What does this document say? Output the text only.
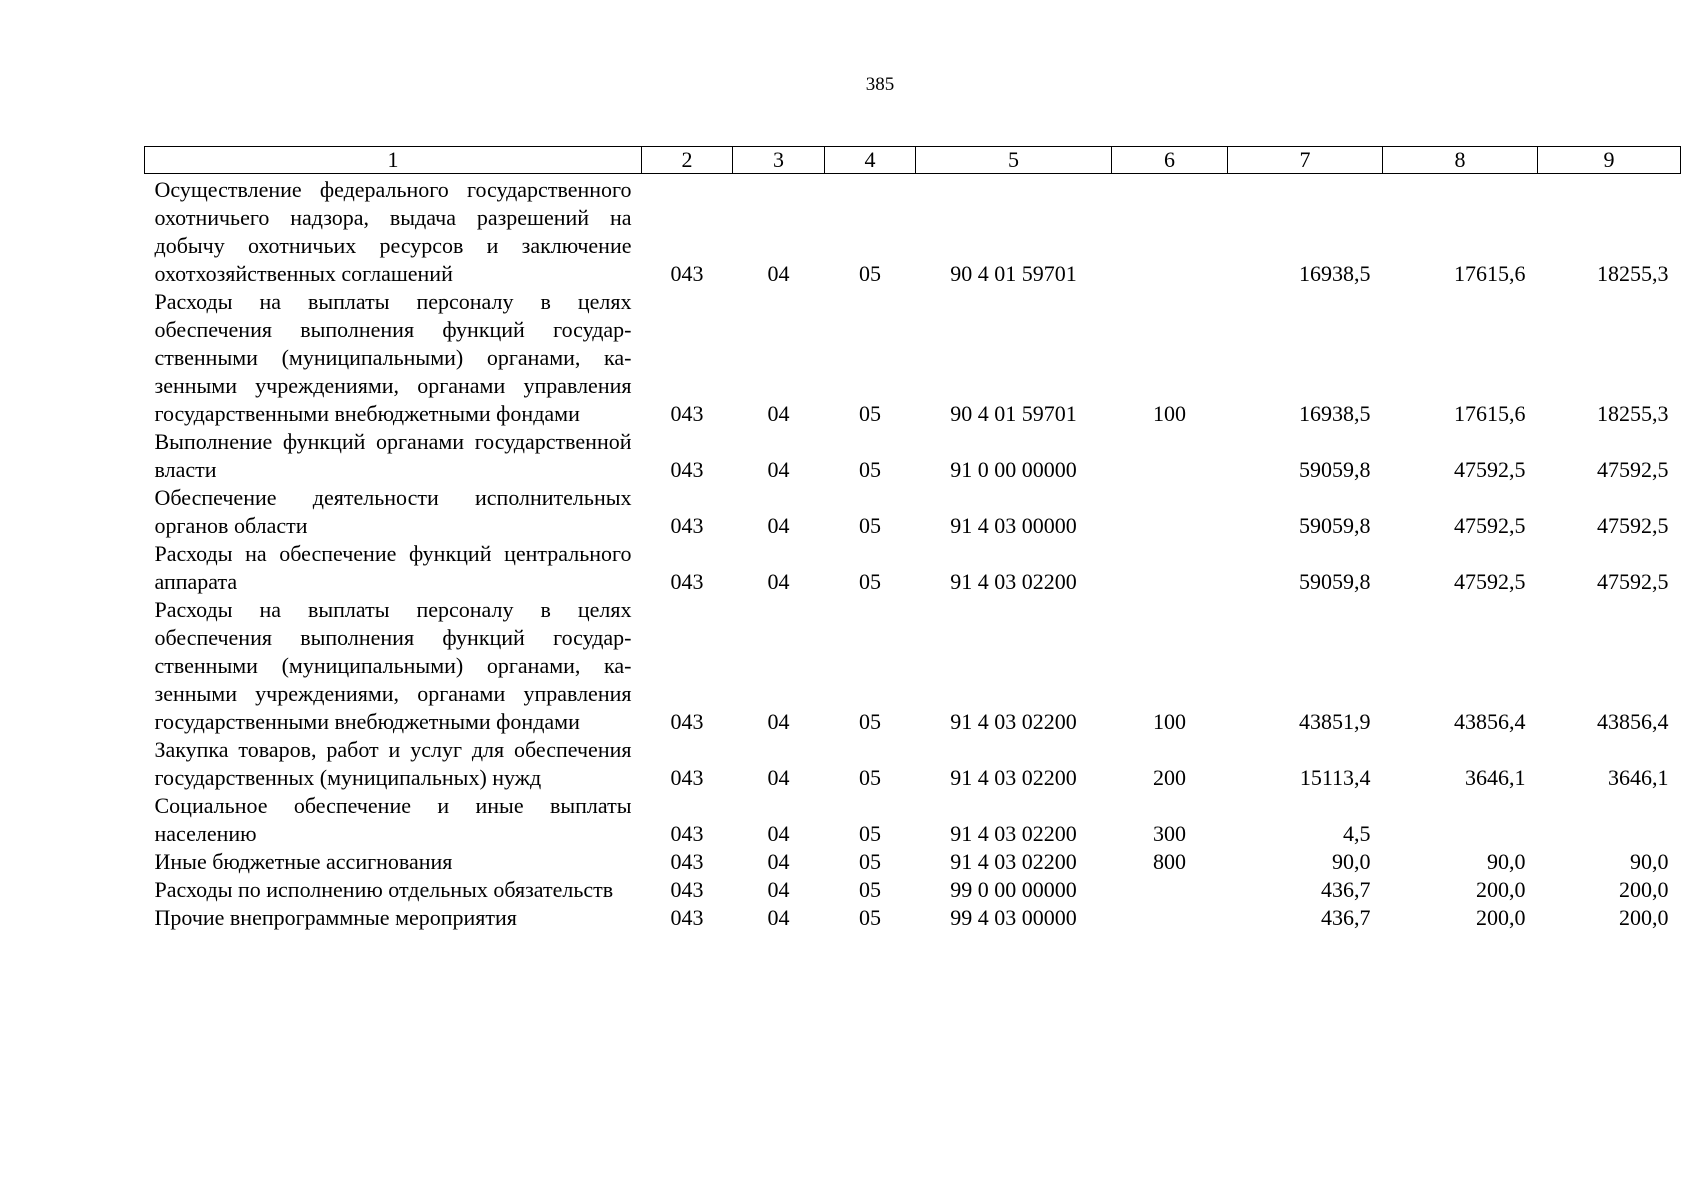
385
1	2	3	4	5	6	7	8	9
Осуществление федерального государственного охотничьего надзора, выдача разрешений на добычу охотничьих ресурсов и заключение охотхозяйственных соглашений	043	04	05	90 4 01 59701		16938,5	17615,6	18255,3
Расходы на выплаты персоналу в целях обеспечения выполнения функций государственными (муниципальными) органами, казенными учреждениями, органами управления государственными внебюджетными фондами	043	04	05	90 4 01 59701	100	16938,5	17615,6	18255,3
Выполнение функций органами государственной власти	043	04	05	91 0 00 00000		59059,8	47592,5	47592,5
Обеспечение деятельности исполнительных органов области	043	04	05	91 4 03 00000		59059,8	47592,5	47592,5
Расходы на обеспечение функций центрального аппарата	043	04	05	91 4 03 02200		59059,8	47592,5	47592,5
Расходы на выплаты персоналу в целях обеспечения выполнения функций государственными (муниципальными) органами, казенными учреждениями, органами управления государственными внебюджетными фондами	043	04	05	91 4 03 02200	100	43851,9	43856,4	43856,4
Закупка товаров, работ и услуг для обеспечения государственных (муниципальных) нужд	043	04	05	91 4 03 02200	200	15113,4	3646,1	3646,1
Социальное обеспечение и иные выплаты населению	043	04	05	91 4 03 02200	300	4,5		
Иные бюджетные ассигнования	043	04	05	91 4 03 02200	800	90,0	90,0	90,0
Расходы по исполнению отдельных обязательств	043	04	05	99 0 00 00000		436,7	200,0	200,0
Прочие внепрограммные мероприятия	043	04	05	99 4 03 00000		436,7	200,0	200,0
